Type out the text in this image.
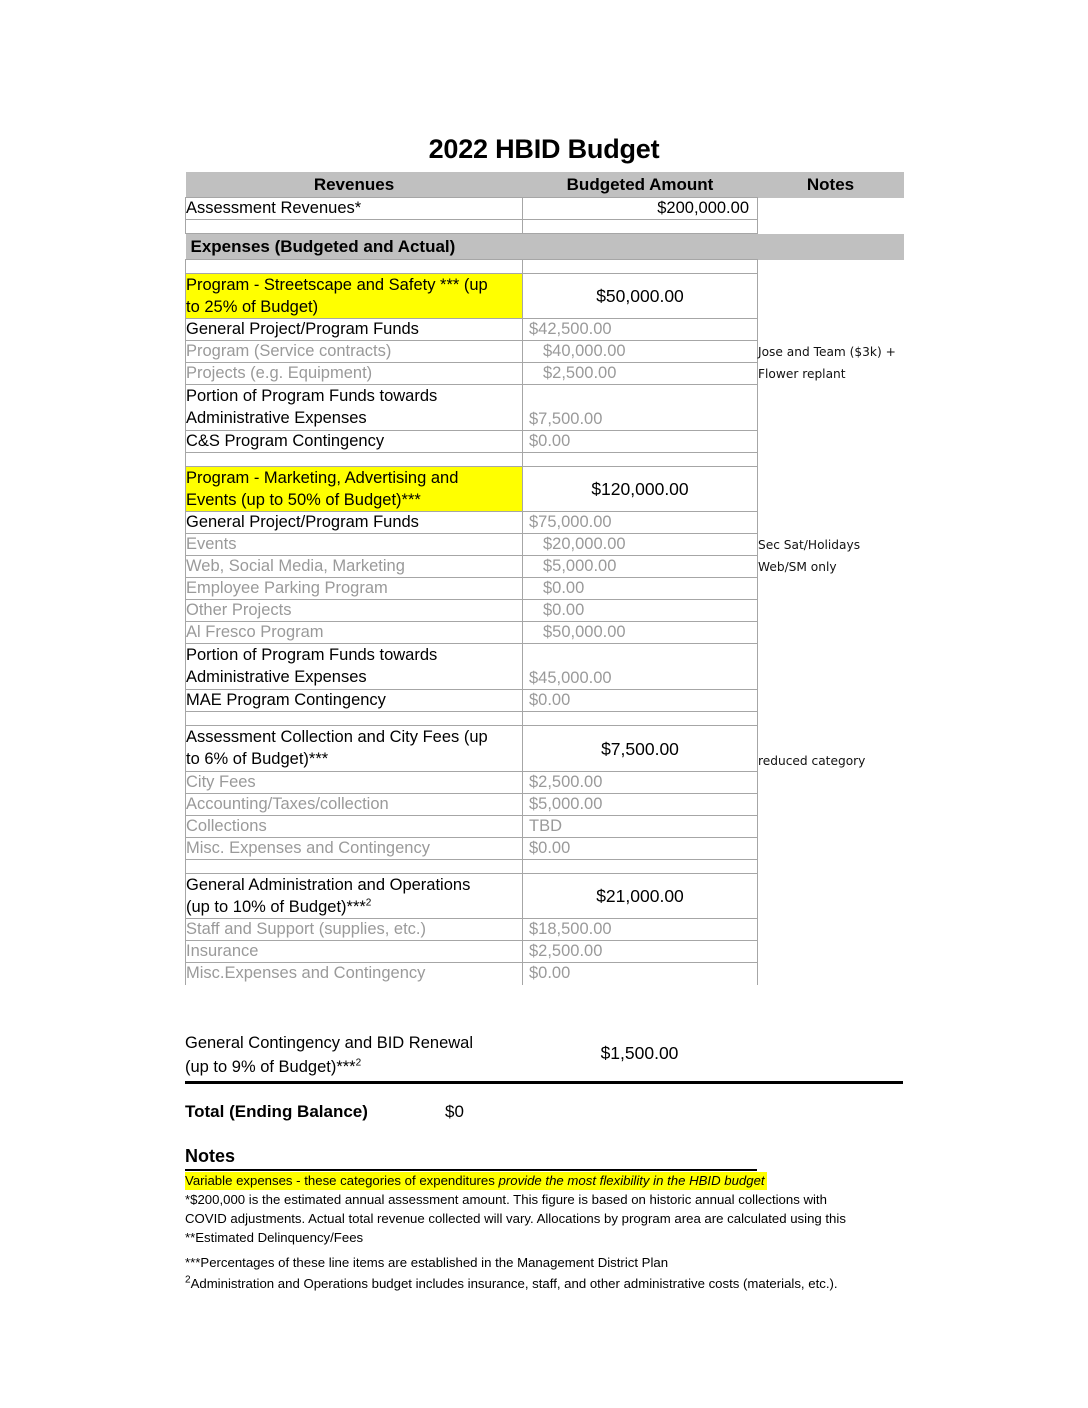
2022 HBID Budget
Revenues	Budgeted Amount	Notes
Assessment Revenues*	$200,000.00	

Expenses (Budgeted and Actual)		

Program - Streetscape and Safety *** (up
to 25% of Budget)	$50,000.00	
General Project/Program Funds	$42,500.00	
Program (Service contracts)	$40,000.00	Jose and Team ($3k) +
Projects (e.g. Equipment)	$2,500.00	Flower replant
Portion of Program Funds towards
Administrative Expenses	$7,500.00	
C&S Program Contingency	$0.00	

Program - Marketing, Advertising and
Events (up to 50% of Budget)***	$120,000.00	
General Project/Program Funds	$75,000.00	
Events	$20,000.00	Sec Sat/Holidays
Web, Social Media, Marketing	$5,000.00	Web/SM only
Employee Parking Program	$0.00	
Other Projects	$0.00	
Al Fresco Program	$50,000.00	
Portion of Program Funds towards
Administrative Expenses	$45,000.00	
MAE Program Contingency	$0.00	

Assessment Collection and City Fees (up
to 6% of Budget)***	$7,500.00	reduced category
City Fees	$2,500.00	
Accounting/Taxes/collection	$5,000.00	
Collections	TBD	
Misc. Expenses and Contingency	$0.00	

General Administration and Operations
(up to 10% of Budget)***$^2$	$21,000.00	
Staff and Support (supplies, etc.)	$18,500.00	
Insurance	$2,500.00	
Misc.Expenses and Contingency	$0.00	
General Contingency and BID Renewal
(up to 9% of Budget)***$^2$	$1,500.00
Total (Ending Balance)	$0
Notes
Variable expenses - these categories of expenditures provide the most flexibility in the HBID budget
*$200,000 is the estimated annual assessment amount. This figure is based on historic annual collections with
COVID adjustments. Actual total revenue collected will vary. Allocations by program area are calculated using this
**Estimated Delinquency/Fees
***Percentages of these line items are established in the Management District Plan
$^2$Administration and Operations budget includes insurance, staff, and other administrative costs (materials, etc.).
